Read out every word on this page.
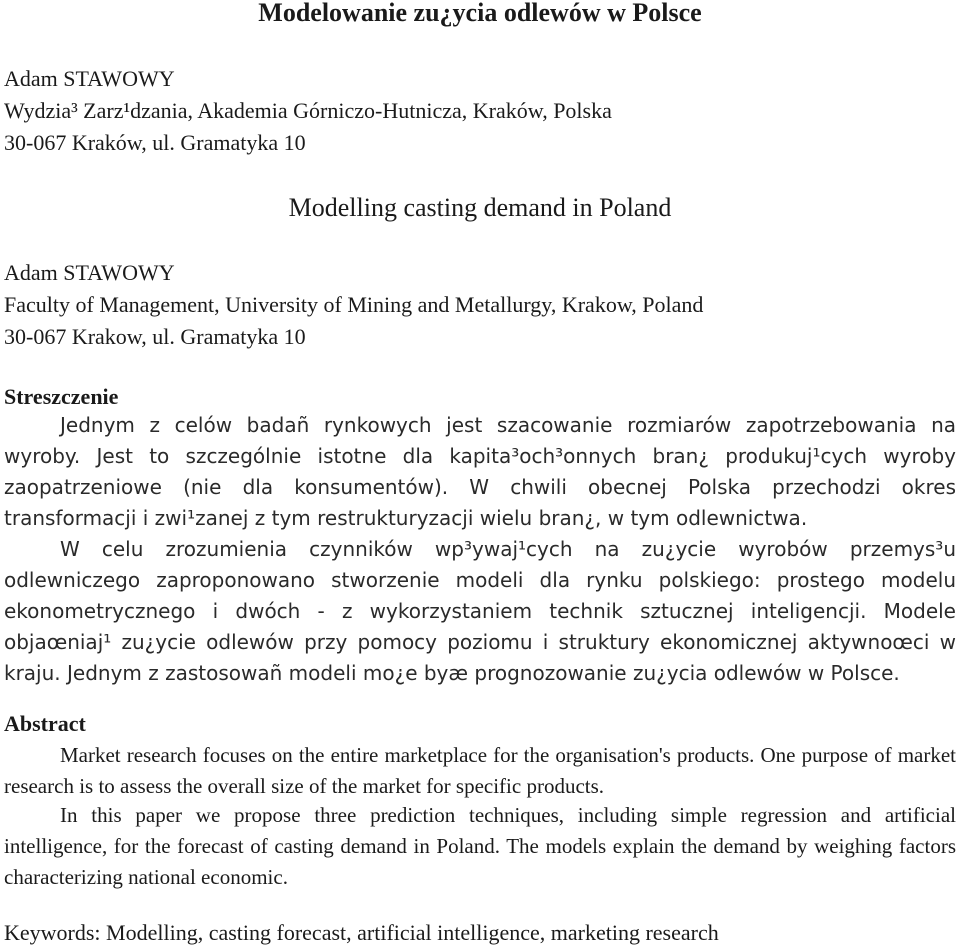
Modelowanie zu¿ycia odlewów w Polsce
Adam STAWOWY
Wydzia³ Zarz¹dzania, Akademia Górniczo-Hutnicza, Kraków, Polska
30-067 Kraków, ul. Gramatyka 10
Modelling casting demand in Poland
Adam STAWOWY
Faculty of Management, University of Mining and Metallurgy, Krakow, Poland
30-067 Krakow, ul. Gramatyka 10
Streszczenie
Jednym z celów badañ rynkowych jest szacowanie rozmiarów zapotrzebowania na wyroby. Jest to szczególnie istotne dla kapita³och³onnych bran¿ produkuj¹cych wyroby zaopatrzeniowe (nie dla konsumentów). W chwili obecnej Polska przechodzi okres transformacji i zwi¹zanej z tym restrukturyzacji wielu bran¿, w tym odlewnictwa.
W celu zrozumienia czynników wp³ywaj¹cych na zu¿ycie wyrobów przemys³u odlewniczego zaproponowano stworzenie modeli dla rynku polskiego: prostego modelu ekonometrycznego i dwóch - z wykorzystaniem technik sztucznej inteligencji. Modele objaœniaj¹ zu¿ycie odlewów przy pomocy poziomu i struktury ekonomicznej aktywnoœci w kraju. Jednym z zastosowañ modeli mo¿e byæ prognozowanie zu¿ycia odlewów w Polsce.
Abstract
Market research focuses on the entire marketplace for the organisation's products. One purpose of market research is to assess the overall size of the market for specific products.
In this paper we propose three prediction techniques, including simple regression and artificial intelligence, for the forecast of casting demand in Poland. The models explain the demand by weighing factors characterizing national economic.
Keywords: Modelling, casting forecast, artificial intelligence, marketing research
